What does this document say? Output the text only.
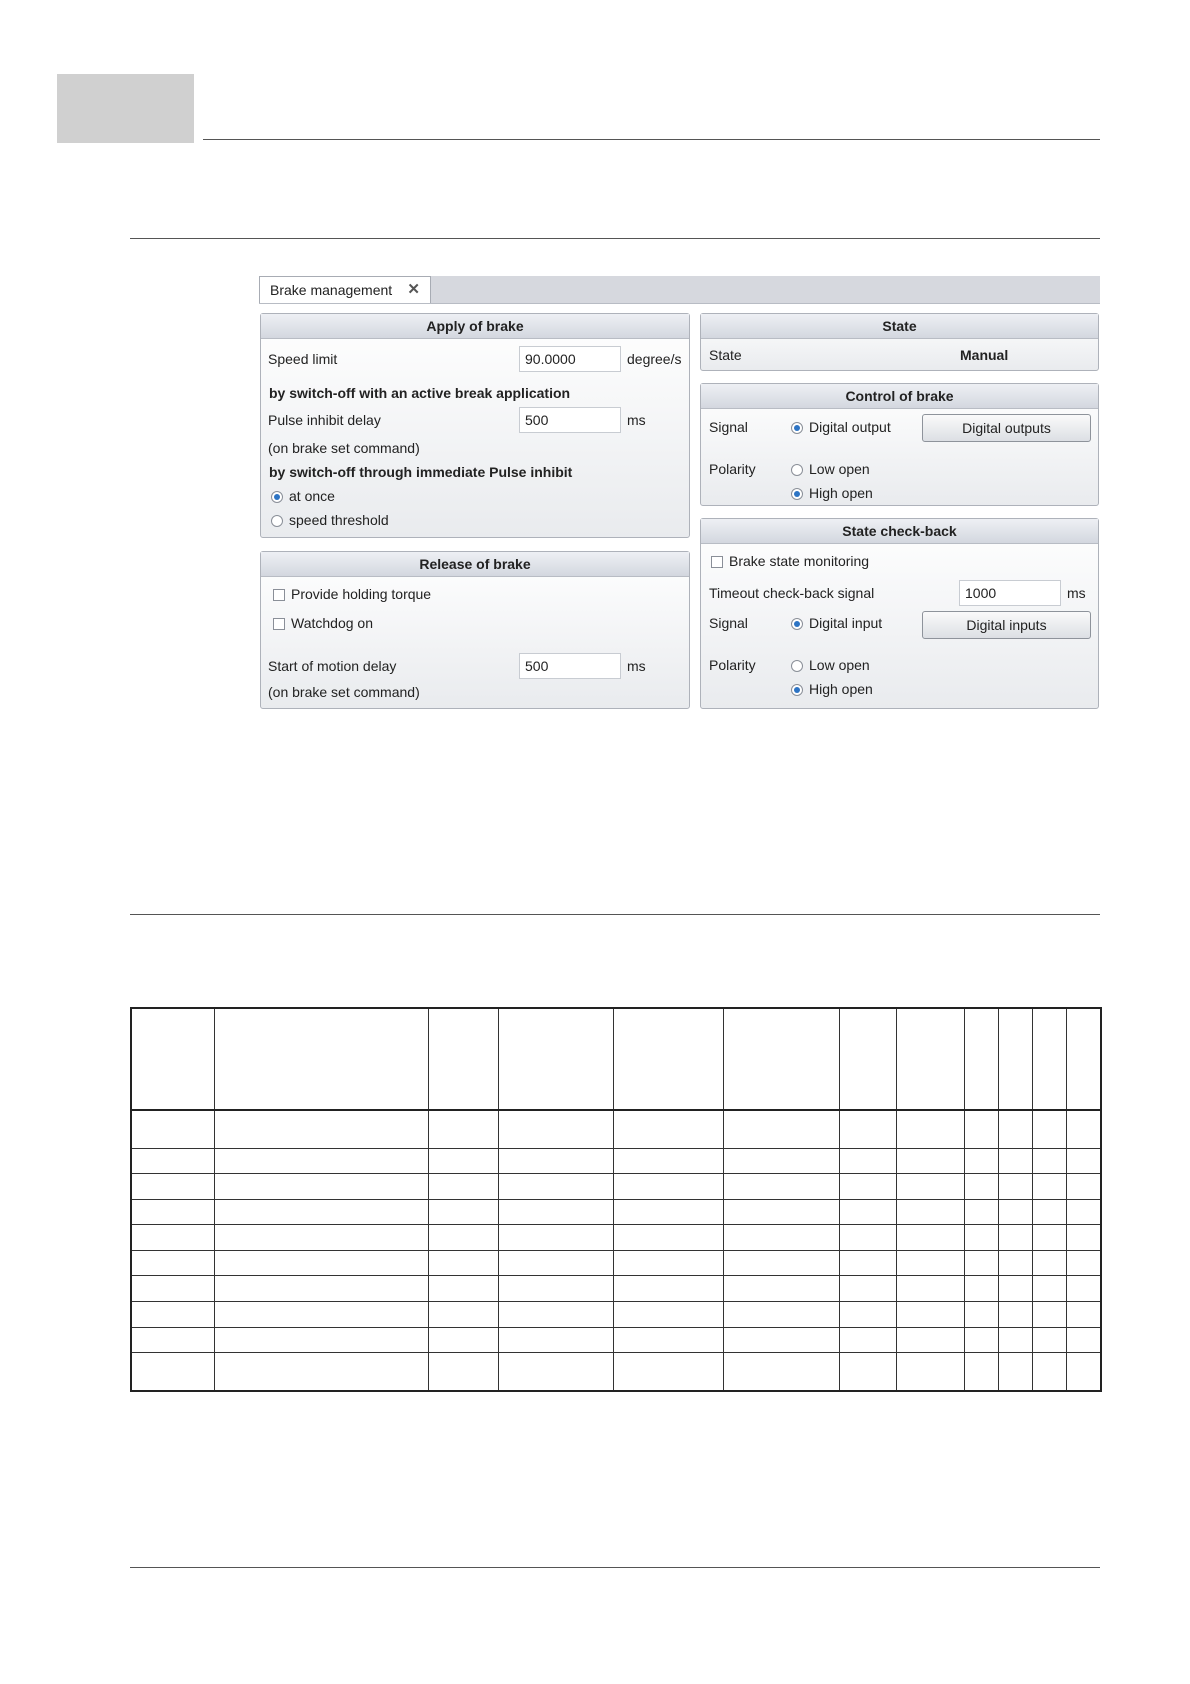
Brake management ✕
Apply of brake
Speed limit	90.0000	degree/s
by switch-off with an active break application
Pulse inhibit delay	500	ms
(on brake set command)
by switch-off through immediate Pulse inhibit
at once
speed threshold
Release of brake
Provide holding torque
Watchdog on
Start of motion delay	500	ms
(on brake set command)
State
State	Manual
Control of brake
Signal	Digital output	Digital outputs
Polarity	Low open
High open
State check-back
Brake state monitoring
Timeout check-back signal	1000	ms
Signal	Digital input	Digital inputs
Polarity	Low open
High open
